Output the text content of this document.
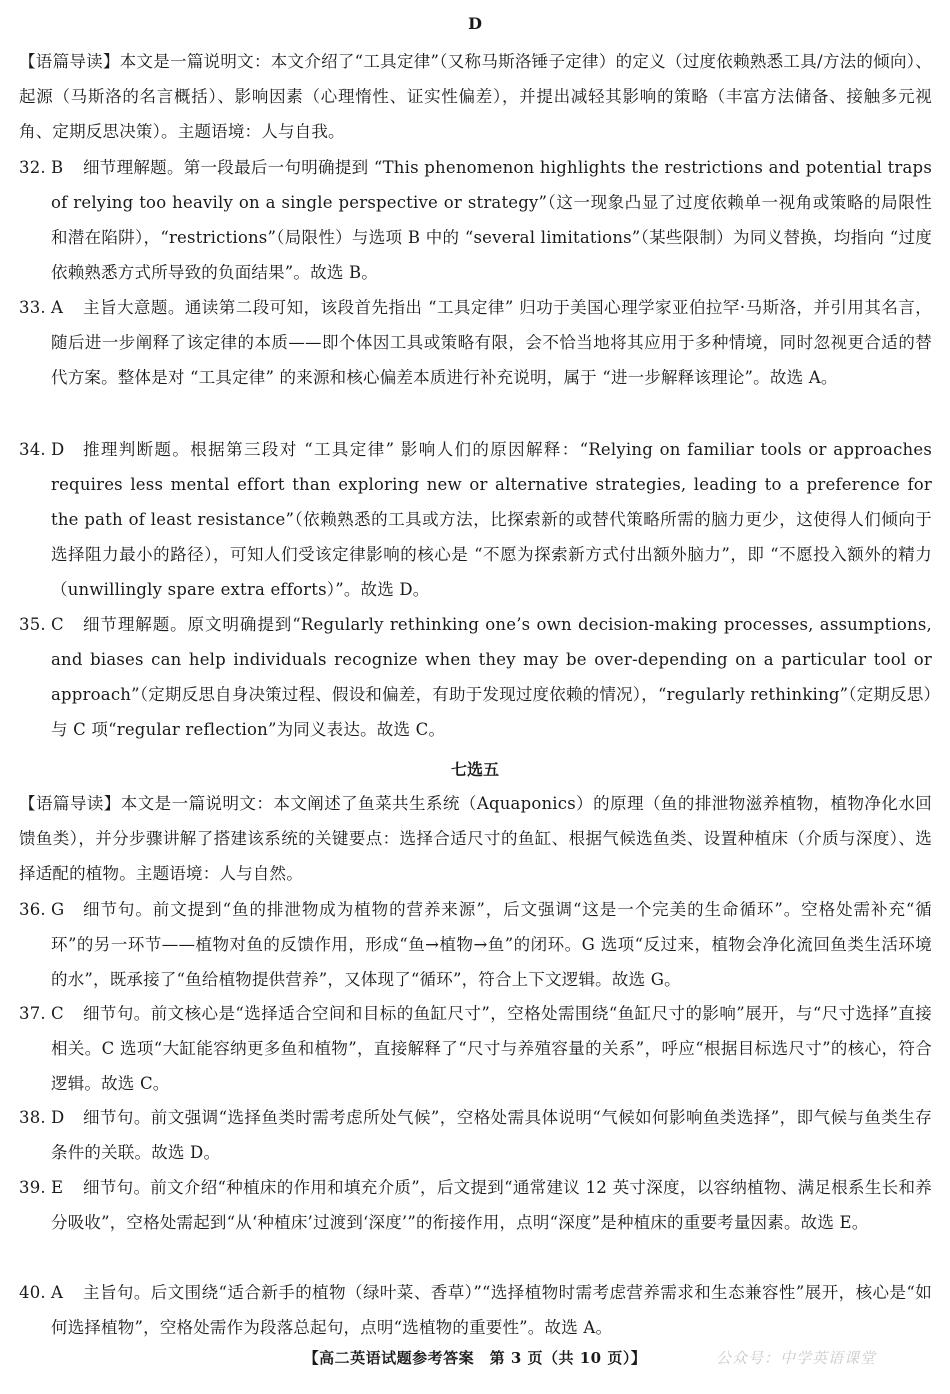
D
【语篇导读】本文是一篇说明文：本文介绍了“工具定律”（又称马斯洛锤子定律）的定义（过度依赖熟悉工具/方法的倾向）、起源（马斯洛的名言概括）、影响因素（心理惰性、证实性偏差），并提出减轻其影响的策略（丰富方法储备、接触多元视角、定期反思决策）。主题语境：人与自我。
32. B	细节理解题。第一段最后一句明确提到 “This phenomenon highlights the restrictions and potential traps of relying too heavily on a single perspective or strategy”（这一现象凸显了过度依赖单一视角或策略的局限性和潜在陷阱），“restrictions”（局限性）与选项 B 中的 “several limitations”（某些限制）为同义替换，均指向 “过度依赖熟悉方式所导致的负面结果”。故选 B。
33. A	主旨大意题。通读第二段可知，该段首先指出 “工具定律” 归功于美国心理学家亚伯拉罕·马斯洛，并引用其名言，随后进一步阐释了该定律的本质——即个体因工具或策略有限，会不恰当地将其应用于多种情境，同时忽视更合适的替代方案。整体是对 “工具定律” 的来源和核心偏差本质进行补充说明，属于 “进一步解释该理论”。故选 A。
34. D	推理判断题。根据第三段对 “工具定律” 影响人们的原因解释：“Relying on familiar tools or approaches requires less mental effort than exploring new or alternative strategies, leading to a preference for the path of least resistance”（依赖熟悉的工具或方法，比探索新的或替代策略所需的脑力更少，这使得人们倾向于选择阻力最小的路径），可知人们受该定律影响的核心是 “不愿为探索新方式付出额外脑力”，即 “不愿投入额外的精力（unwillingly spare extra efforts）”。故选 D。
35. C	细节理解题。原文明确提到“Regularly rethinking one’s own decision-making processes, assumptions, and biases can help individuals recognize when they may be over-depending on a particular tool or approach”（定期反思自身决策过程、假设和偏差，有助于发现过度依赖的情况），“regularly rethinking”（定期反思）与 C 项“regular reflection”为同义表达。故选 C。
七选五
【语篇导读】本文是一篇说明文：本文阐述了鱼菜共生系统（Aquaponics）的原理（鱼的排泄物滋养植物，植物净化水回馈鱼类），并分步骤讲解了搭建该系统的关键要点：选择合适尺寸的鱼缸、根据气候选鱼类、设置种植床（介质与深度）、选择适配的植物。主题语境：人与自然。
36. G	细节句。前文提到“鱼的排泄物成为植物的营养来源”，后文强调“这是一个完美的生命循环”。空格处需补充“循环”的另一环节——植物对鱼的反馈作用，形成“鱼→植物→鱼”的闭环。G 选项“反过来，植物会净化流回鱼类生活环境的水”，既承接了“鱼给植物提供营养”，又体现了“循环”，符合上下文逻辑。故选 G。
37. C	细节句。前文核心是“选择适合空间和目标的鱼缸尺寸”，空格处需围绕“鱼缸尺寸的影响”展开，与“尺寸选择”直接相关。C 选项“大缸能容纳更多鱼和植物”，直接解释了“尺寸与养殖容量的关系”，呼应“根据目标选尺寸”的核心，符合逻辑。故选 C。
38. D	细节句。前文强调“选择鱼类时需考虑所处气候”，空格处需具体说明“气候如何影响鱼类选择”，即气候与鱼类生存条件的关联。故选 D。
39. E	细节句。前文介绍“种植床的作用和填充介质”，后文提到“通常建议 12 英寸深度，以容纳植物、满足根系生长和养分吸收”，空格处需起到“从‘种植床’过渡到‘深度’”的衔接作用，点明“深度”是种植床的重要考量因素。故选 E。
40. A	主旨句。后文围绕“适合新手的植物（绿叶菜、香草）”“选择植物时需考虑营养需求和生态兼容性”展开，核心是“如何选择植物”，空格处需作为段落总起句，点明“选植物的重要性”。故选 A。
【高二英语试题参考答案　第 3 页（共 10 页）】	公众号：中学英语课堂
